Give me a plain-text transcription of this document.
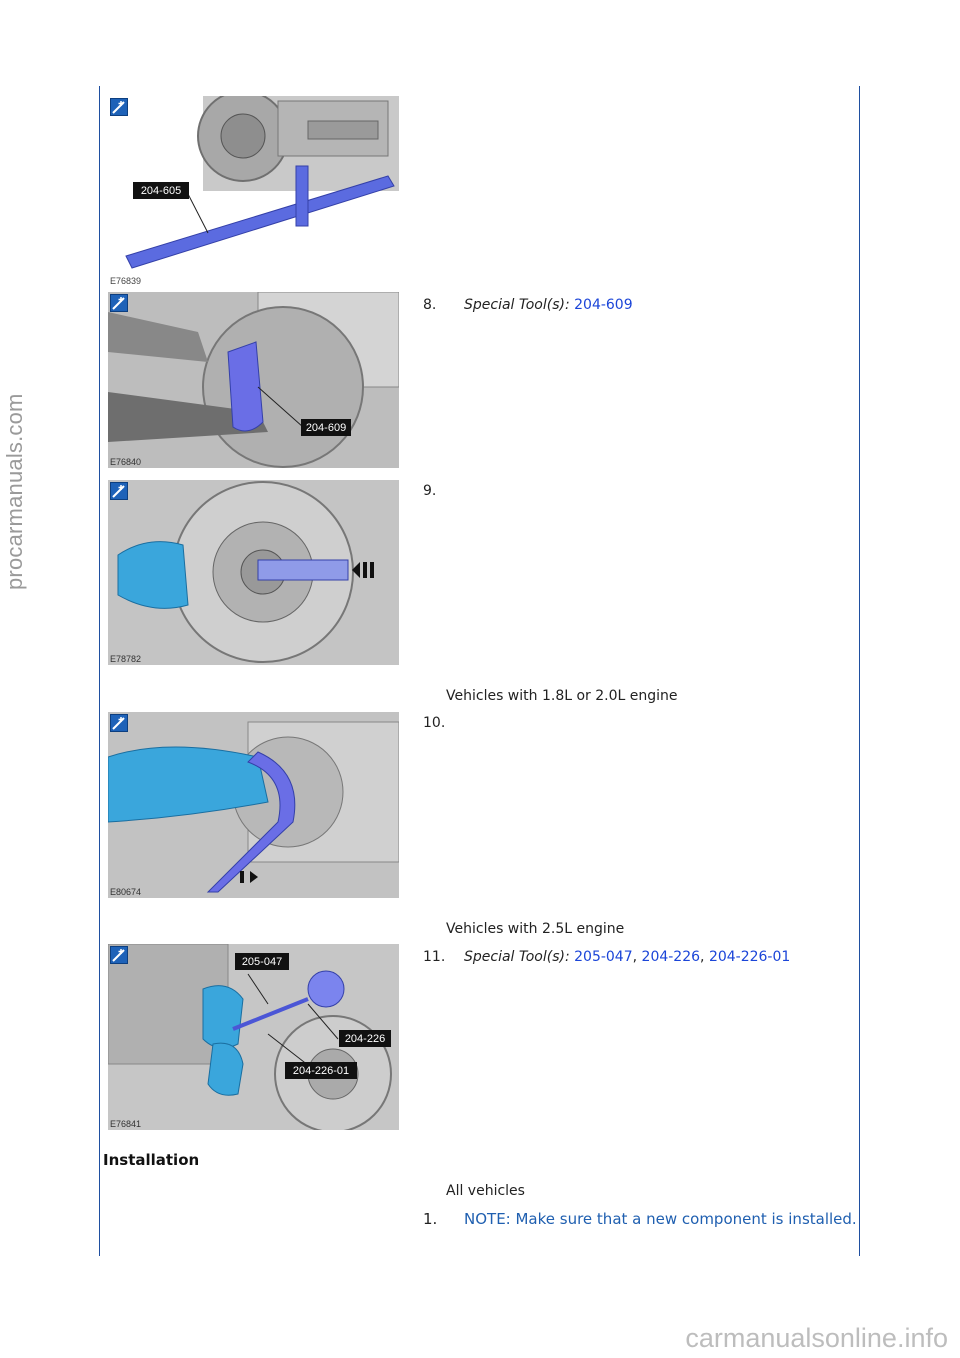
procarmanuals.com
carmanualsonline.info
204-605
E76839
204-609
E76840
E78782
E80674
205-047
204-226
204-226-01
E76841
8. Special Tool(s): 204-609
9.
Vehicles with 1.8L or 2.0L engine
10.
Vehicles with 2.5L engine
11. Special Tool(s): 205-047, 204-226, 204-226-01
Installation
All vehicles
1. NOTE: Make sure that a new component is installed.
